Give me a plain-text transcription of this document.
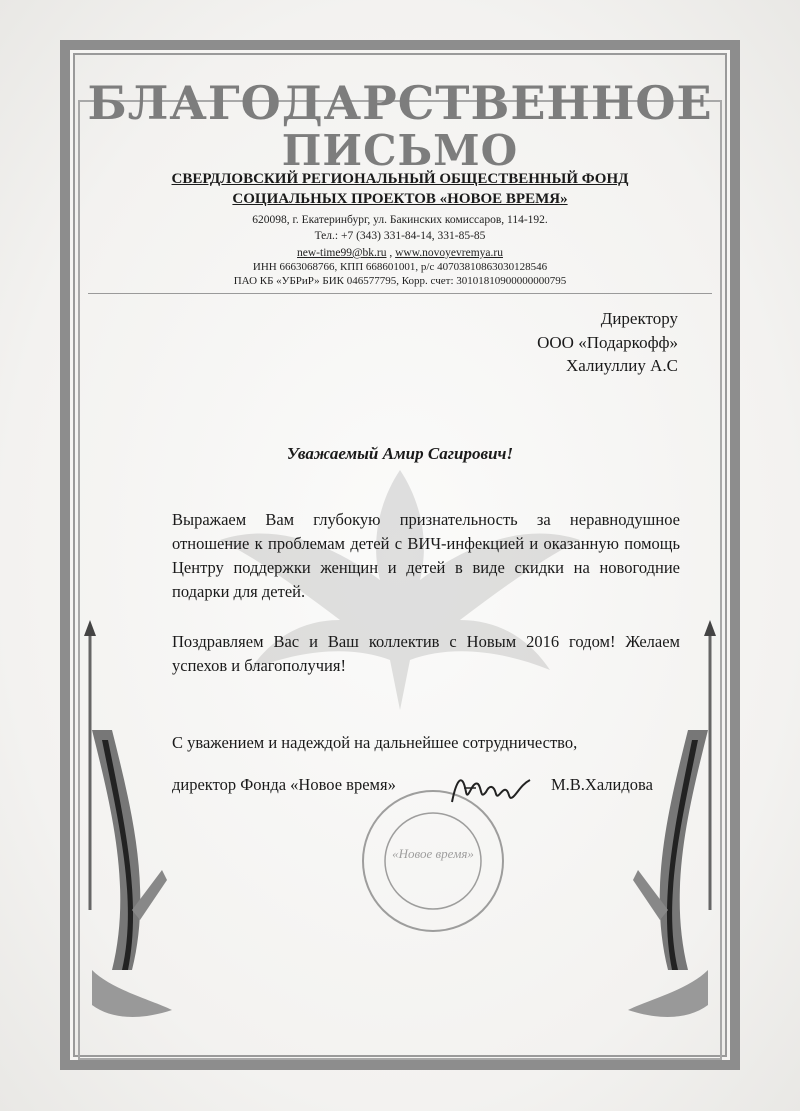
БЛАГОДАРСТВЕННОЕ
ПИСЬМО
СВЕРДЛОВСКИЙ РЕГИОНАЛЬНЫЙ ОБЩЕСТВЕННЫЙ ФОНД
СОЦИАЛЬНЫХ ПРОЕКТОВ «НОВОЕ ВРЕМЯ»
620098, г. Екатеринбург, ул. Бакинских комиссаров, 114-192.
Тел.: +7 (343) 331-84-14, 331-85-85
new-time99@bk.ru , www.novoyevremya.ru
ИНН 6663068766, КПП 668601001, р/с 40703810863030128546
ПАО КБ «УБРиР» БИК 046577795, Корр. счет: 30101810900000000795
Директору
ООО «Подаркофф»
Халиуллиу А.С
Уважаемый Амир Сагирович!
Выражаем Вам глубокую признательность за неравнодушное отношение к проблемам детей с ВИЧ-инфекцией и оказанную помощь Центру поддержки женщин и детей в виде скидки на новогодние подарки для детей.
Поздравляем Вас и Ваш коллектив с Новым 2016 годом! Желаем успехов и благополучия!
С уважением и надеждой на дальнейшее сотрудничество,
директор Фонда «Новое время»	М.В.Халидова
«Новое время»
